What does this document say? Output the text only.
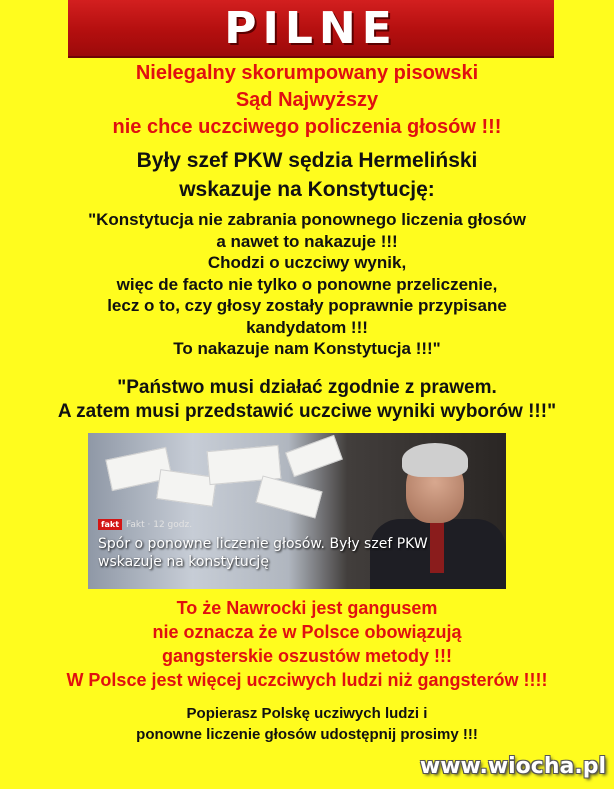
PILNE
Nielegalny skorumpowany pisowski
Sąd Najwyższy
nie chce uczciwego policzenia głosów !!!
Były szef PKW sędzia Hermeliński
wskazuje na Konstytucję:
"Konstytucja nie zabrania ponownego liczenia głosów
a nawet to nakazuje !!!
Chodzi o uczciwy wynik,
więc de facto nie tylko o ponowne przeliczenie,
lecz o to, czy głosy zostały poprawnie przypisane
kandydatom !!!
To nakazuje nam Konstytucja !!!"
"Państwo musi działać zgodnie z prawem.
A zatem musi przedstawić uczciwe wyniki wyborów !!!"
fakt Fakt · 12 godz.
Spór o ponowne liczenie głosów. Były szef PKW
wskazuje na konstytucję
To że Nawrocki jest gangusem
nie oznacza że w Polsce obowiązują
gangsterskie oszustów metody !!!
W Polsce jest więcej uczciwych ludzi niż gangsterów !!!!
Popierasz Polskę ucziwych ludzi i
ponowne liczenie głosów udostępnij prosimy !!!
www.wiocha.pl
